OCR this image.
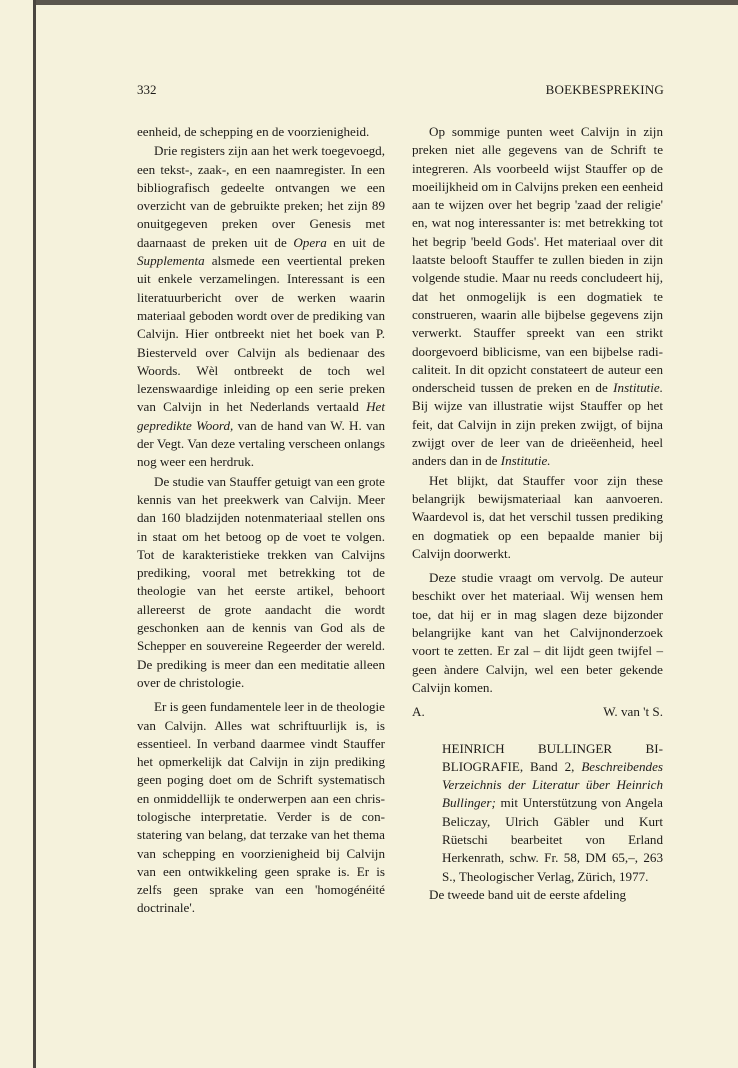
332	BOEKBESPREKING

eenheid, de schepping en de voorzienigheid.

Drie registers zijn aan het werk toegevoegd, een tekst-, zaak-, en een naamregister. In een bibliografisch gedeelte ontvangen we een overzicht van de gebruikte preken; het zijn 89 onuitgegeven preken over Genesis met daarnaast de preken uit de Opera en uit de Supplementa alsmede een veertiental preken uit enkele verzamelingen. Interessant is een literatuurbericht over de werken waarin materiaal geboden wordt over de prediking van Calvijn. Hier ontbreekt niet het boek van P. Biesterveld over Calvijn als bedienaar des Woords. Wèl ontbreekt de toch wel lezenswaardige inleiding op een serie preken van Calvijn in het Nederlands vertaald Het gepredikte Woord, van de hand van W. H. van der Vegt. Van deze vertaling verscheen onlangs nog weer een herdruk.

De studie van Stauffer getuigt van een grote kennis van het preekwerk van Calvijn. Meer dan 160 bladzijden notenmateriaal stellen ons in staat om het betoog op de voet te volgen. Tot de karakteristieke trekken van Calvijns prediking, vooral met betrekking tot de theologie van het eerste artikel, behoort allereerst de grote aandacht die wordt geschonken aan de kennis van God als de Schepper en souvereine Regeerder der wereld. De prediking is meer dan een meditatie alleen over de christologie.

Er is geen fundamentele leer in de theologie van Calvijn. Alles wat schriftuurlijk is, is essentieel. In verband daarmee vindt Stauffer het opmerkelijk dat Calvijn in zijn prediking geen poging doet om de Schrift systematisch en onmiddellijk te onderwerpen aan een christologische interpretatie. Verder is de constatering van belang, dat terzake van het thema van schepping en voorzienigheid bij Calvijn van een ontwikkeling geen sprake is. Er is zelfs geen sprake van een 'homogénéité doctrinale'.

Op sommige punten weet Calvijn in zijn preken niet alle gegevens van de Schrift te integreren. Als voorbeeld wijst Stauffer op de moeilijkheid om in Calvijns preken een eenheid aan te wijzen over het begrip 'zaad der religie' en, wat nog interessanter is: met betrekking tot het begrip 'beeld Gods'. Het materiaal over dit laatste belooft Stauffer te zullen bieden in zijn volgende studie. Maar nu reeds concludeert hij, dat het onmogelijk is een dogmatiek te construeren, waarin alle bijbelse gegevens zijn verwerkt. Stauffer spreekt van een strikt doorgevoerd biblicisme, van een bijbelse radicaliteit. In dit opzicht constateert de auteur een onderscheid tussen de preken en de Institutie. Bij wijze van illustratie wijst Stauffer op het feit, dat Calvijn in zijn preken zwijgt, of bijna zwijgt over de leer van de drieëenheid, heel anders dan in de Institutie.

Het blijkt, dat Stauffer voor zijn these belangrijk bewijsmateriaal kan aanvoeren. Waardevol is, dat het verschil tussen prediking en dogmatiek op een bepaalde manier bij Calvijn doorwerkt.

Deze studie vraagt om vervolg. De auteur beschikt over het materiaal. Wij wensen hem toe, dat hij er in mag slagen deze bijzonder belangrijke kant van het Calvijnonderzoek voort te zetten. Er zal – dit lijdt geen twijfel – geen àndere Calvijn, wel een beter gekende Calvijn komen.

A.	W. van 't S.

HEINRICH BULLINGER BIBLIOGRAFIE, Band 2, Beschreibendes Verzeichnis der Literatur über Heinrich Bullinger; mit Unterstützung von Angela Beliczay, Ulrich Gäbler und Kurt Rüetschi bearbeitet von Erland Herkenrath, schw. Fr. 58, DM 65,–, 263 S., Theologischer Verlag, Zürich, 1977.

De tweede band uit de eerste afdeling
